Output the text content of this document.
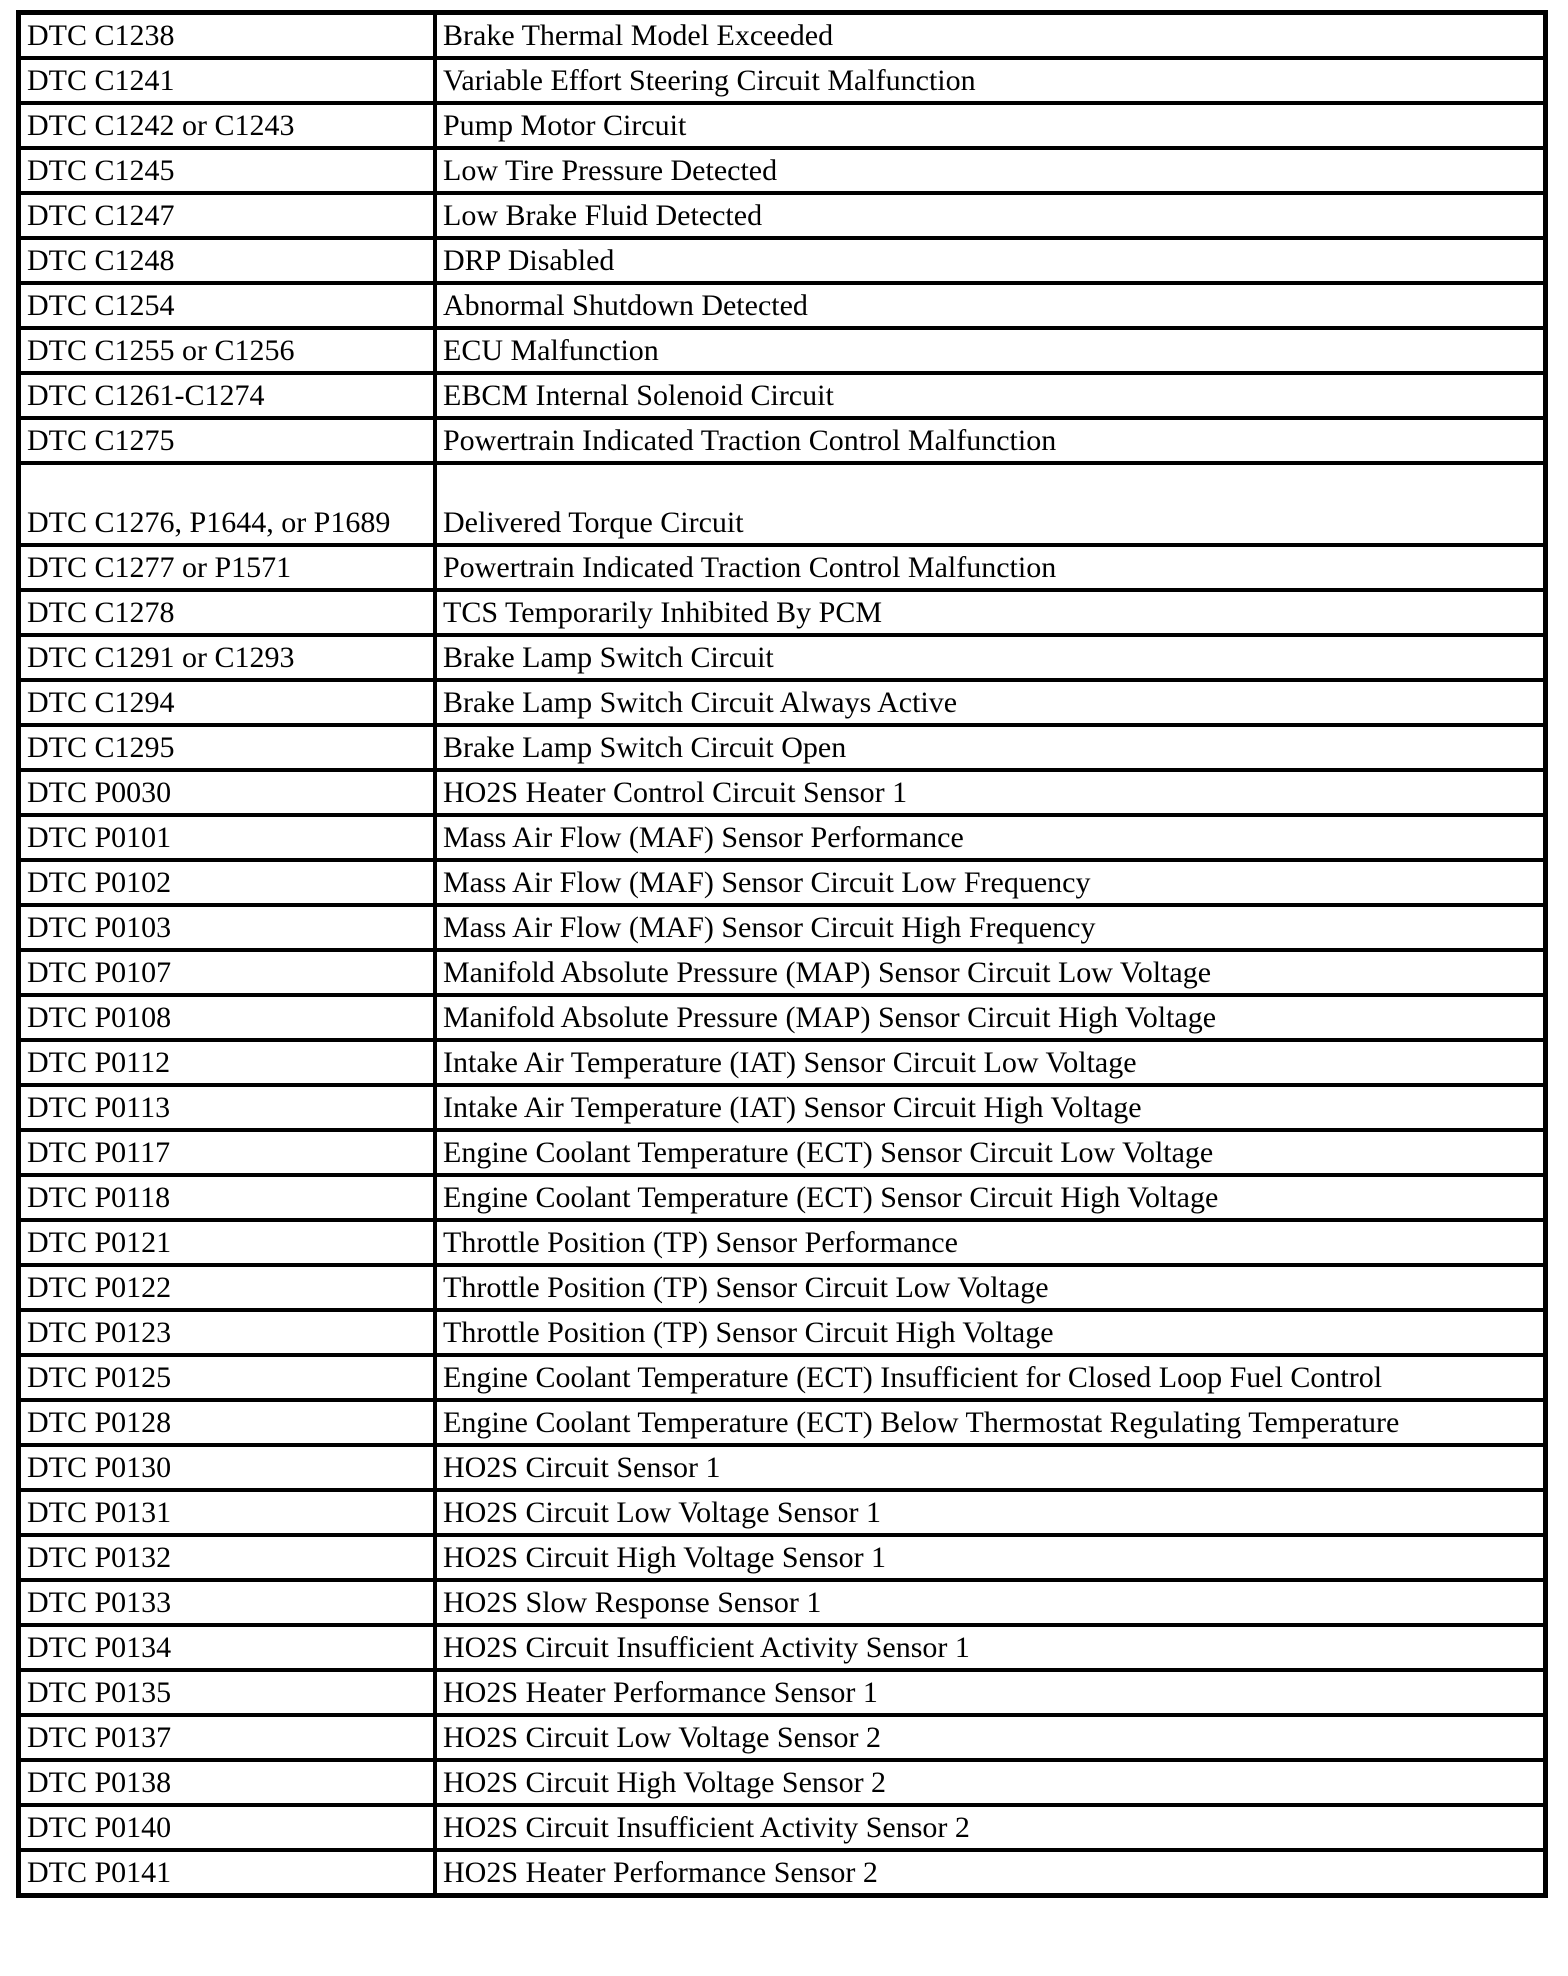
DTC C1238	Brake Thermal Model Exceeded
DTC C1241	Variable Effort Steering Circuit Malfunction
DTC C1242 or C1243	Pump Motor Circuit
DTC C1245	Low Tire Pressure Detected
DTC C1247	Low Brake Fluid Detected
DTC C1248	DRP Disabled
DTC C1254	Abnormal Shutdown Detected
DTC C1255 or C1256	ECU Malfunction
DTC C1261-C1274	EBCM Internal Solenoid Circuit
DTC C1275	Powertrain Indicated Traction Control Malfunction
DTC C1276, P1644, or P1689	Delivered Torque Circuit
DTC C1277 or P1571	Powertrain Indicated Traction Control Malfunction
DTC C1278	TCS Temporarily Inhibited By PCM
DTC C1291 or C1293	Brake Lamp Switch Circuit
DTC C1294	Brake Lamp Switch Circuit Always Active
DTC C1295	Brake Lamp Switch Circuit Open
DTC P0030	HO2S Heater Control Circuit Sensor 1
DTC P0101	Mass Air Flow (MAF) Sensor Performance
DTC P0102	Mass Air Flow (MAF) Sensor Circuit Low Frequency
DTC P0103	Mass Air Flow (MAF) Sensor Circuit High Frequency
DTC P0107	Manifold Absolute Pressure (MAP) Sensor Circuit Low Voltage
DTC P0108	Manifold Absolute Pressure (MAP) Sensor Circuit High Voltage
DTC P0112	Intake Air Temperature (IAT) Sensor Circuit Low Voltage
DTC P0113	Intake Air Temperature (IAT) Sensor Circuit High Voltage
DTC P0117	Engine Coolant Temperature (ECT) Sensor Circuit Low Voltage
DTC P0118	Engine Coolant Temperature (ECT) Sensor Circuit High Voltage
DTC P0121	Throttle Position (TP) Sensor Performance
DTC P0122	Throttle Position (TP) Sensor Circuit Low Voltage
DTC P0123	Throttle Position (TP) Sensor Circuit High Voltage
DTC P0125	Engine Coolant Temperature (ECT) Insufficient for Closed Loop Fuel Control
DTC P0128	Engine Coolant Temperature (ECT) Below Thermostat Regulating Temperature
DTC P0130	HO2S Circuit Sensor 1
DTC P0131	HO2S Circuit Low Voltage Sensor 1
DTC P0132	HO2S Circuit High Voltage Sensor 1
DTC P0133	HO2S Slow Response Sensor 1
DTC P0134	HO2S Circuit Insufficient Activity Sensor 1
DTC P0135	HO2S Heater Performance Sensor 1
DTC P0137	HO2S Circuit Low Voltage Sensor 2
DTC P0138	HO2S Circuit High Voltage Sensor 2
DTC P0140	HO2S Circuit Insufficient Activity Sensor 2
DTC P0141	HO2S Heater Performance Sensor 2
